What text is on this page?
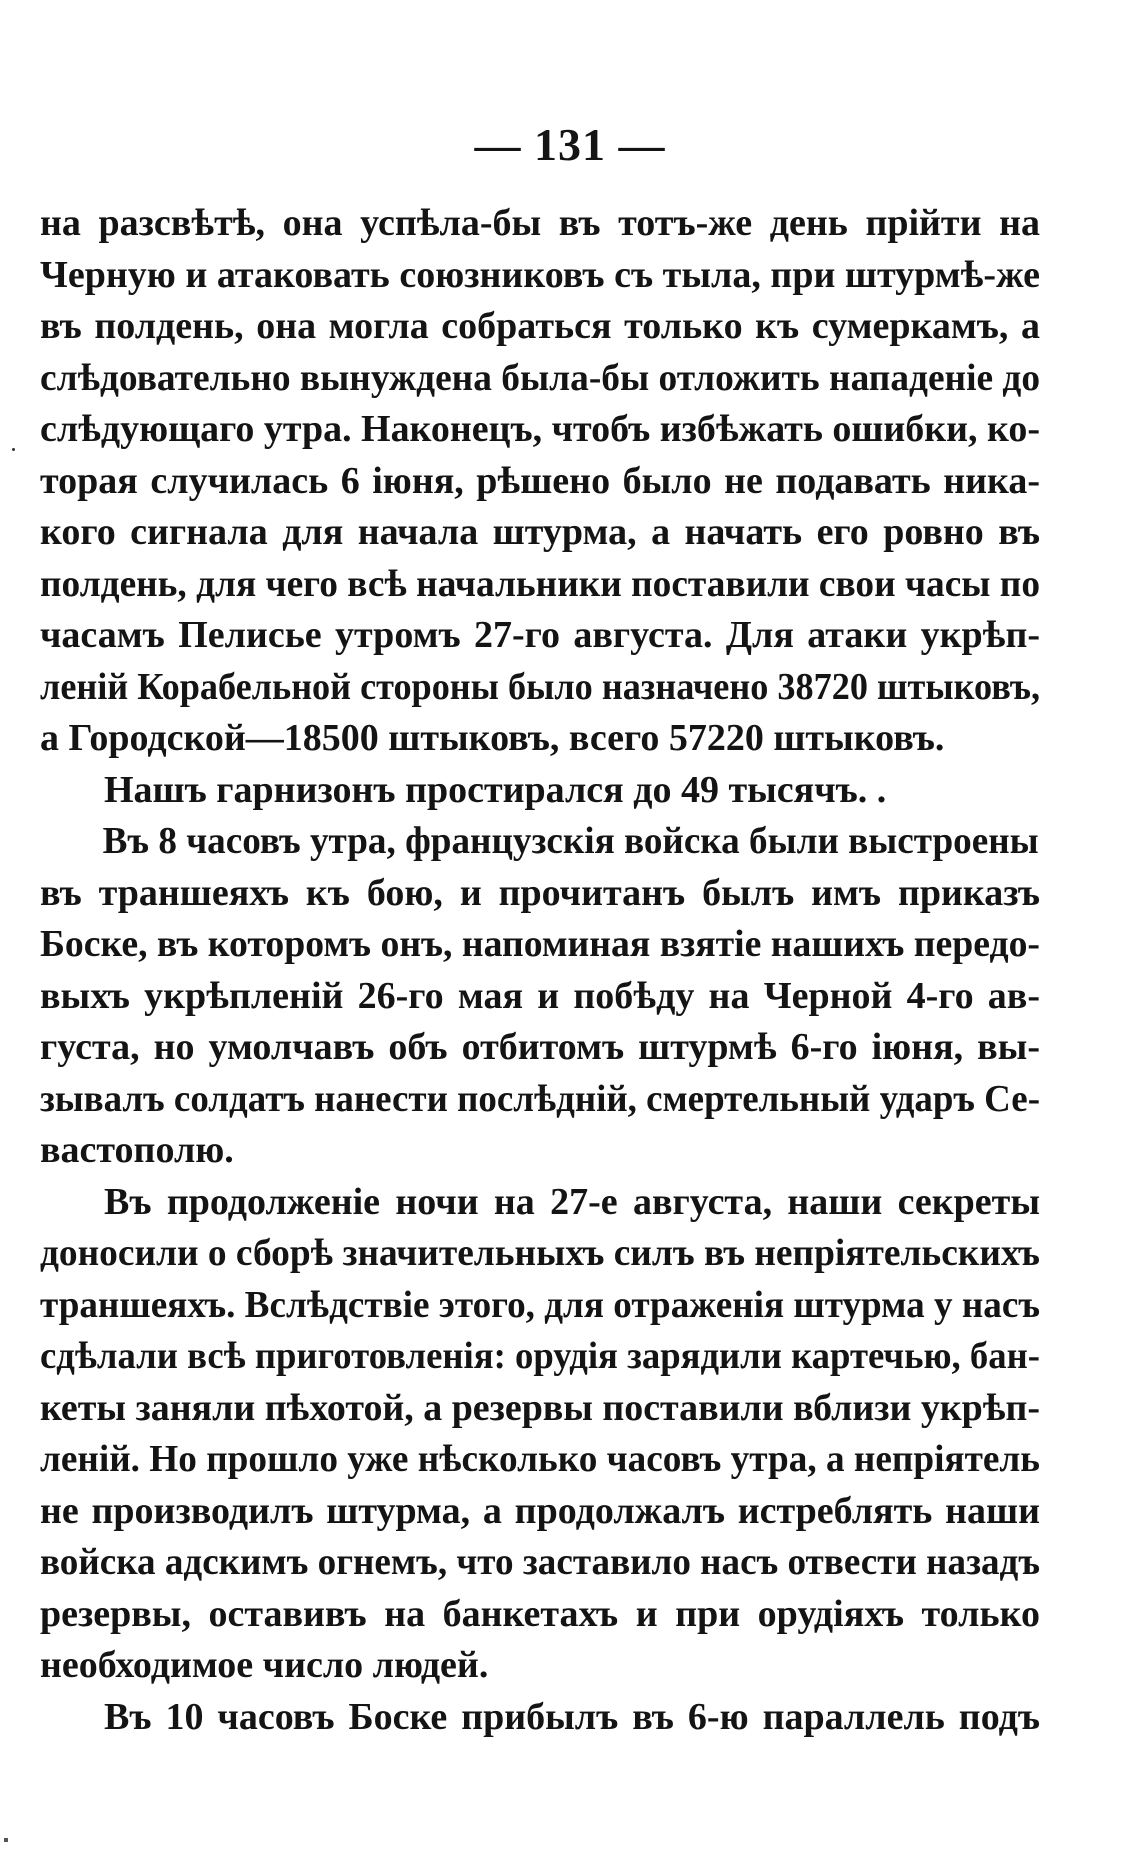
— 131 —
на разсвѣтѣ, она успѣла-бы въ тотъ-же день прійти на
Черную и атаковать союзниковъ съ тыла, при штурмѣ-же
въ полдень, она могла собраться только къ сумеркамъ, а
слѣдовательно вынуждена была-бы отложить нападеніе до
слѣдующаго утра. Наконецъ, чтобъ избѣжать ошибки, ко-
торая случилась 6 іюня, рѣшено было не подавать ника-
кого сигнала для начала штурма, а начать его ровно въ
полдень, для чего всѣ начальники поставили свои часы по
часамъ Пелисье утромъ 27-го августа. Для атаки укрѣп-
леній Корабельной стороны было назначено 38720 штыковъ,
а Городской—18500 штыковъ, всего 57220 штыковъ.
Нашъ гарнизонъ простирался до 49 тысячъ. .
Въ 8 часовъ утра, французскія войска были выстроены
въ траншеяхъ къ бою, и прочитанъ былъ имъ приказъ
Боске, въ которомъ онъ, напоминая взятіе нашихъ передо-
выхъ укрѣпленій 26-го мая и побѣду на Черной 4-го ав-
густа, но умолчавъ объ отбитомъ штурмѣ 6-го іюня, вы-
зывалъ солдатъ нанести послѣдній, смертельный ударъ Се-
вастополю.
Въ продолженіе ночи на 27-е августа, наши секреты
доносили о сборѣ значительныхъ силъ въ непріятельскихъ
траншеяхъ. Вслѣдствіе этого, для отраженія штурма у насъ
сдѣлали всѣ приготовленія: орудія зарядили картечью, бан-
кеты заняли пѣхотой, а резервы поставили вблизи укрѣп-
леній. Но прошло уже нѣсколько часовъ утра, а непріятель
не производилъ штурма, а продолжалъ истреблять наши
войска адскимъ огнемъ, что заставило насъ отвести назадъ
резервы, оставивъ на банкетахъ и при орудіяхъ только
необходимое число людей.
Въ 10 часовъ Боске прибылъ въ 6-ю параллель подъ
